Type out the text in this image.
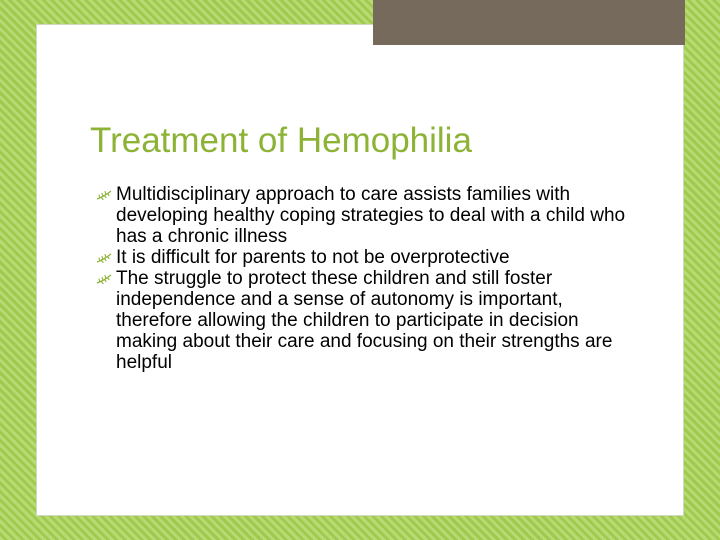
Treatment of Hemophilia
Multidisciplinary approach to care assists families with developing healthy coping strategies to deal with a child who has a chronic illness
It is difficult for parents to not be overprotective
The struggle to protect these children and still foster independence and a sense of autonomy is important, therefore allowing the children to participate in decision making about their care and focusing on their strengths are helpful
